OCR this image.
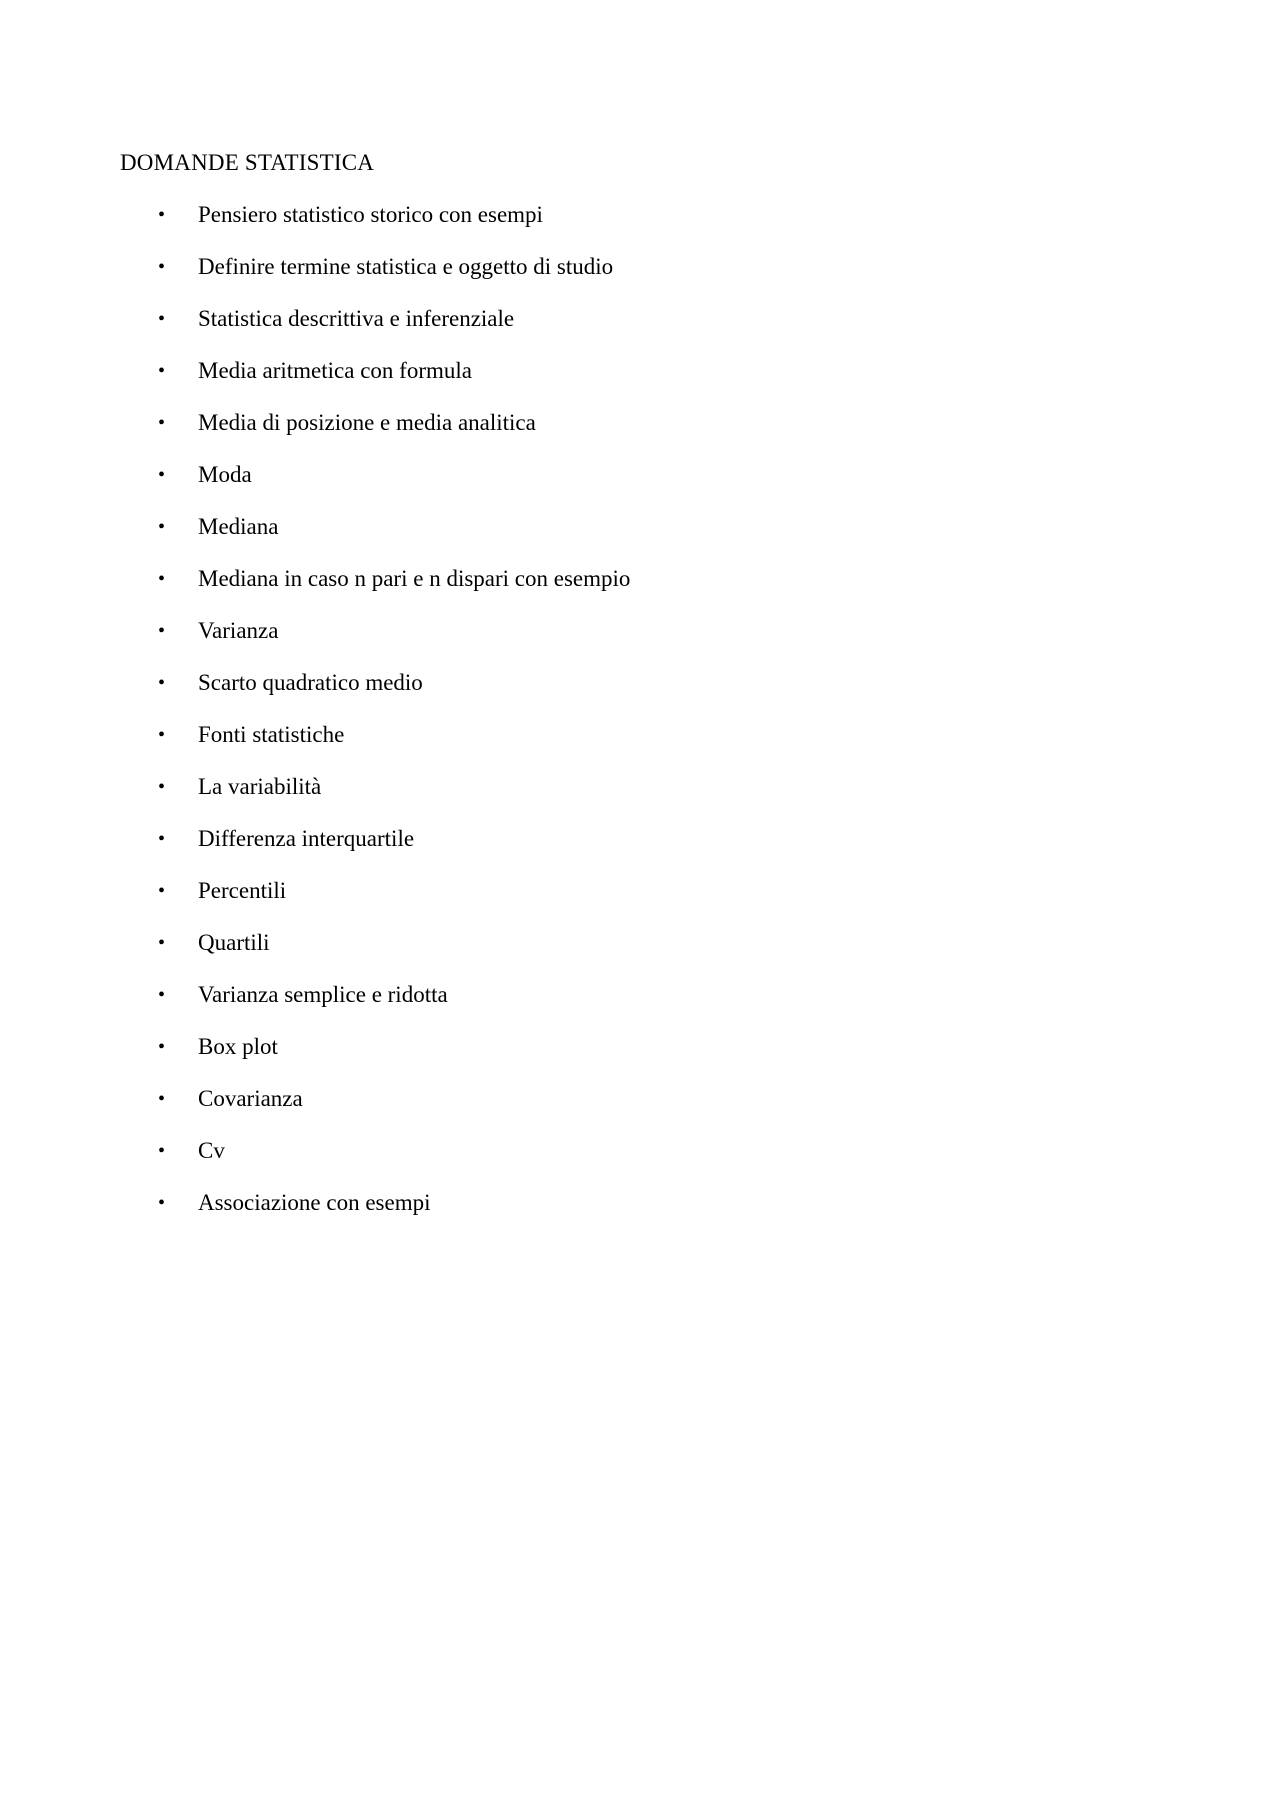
DOMANDE STATISTICA
• Pensiero statistico storico con esempi
• Definire termine statistica e oggetto di studio
• Statistica descrittiva e inferenziale
• Media aritmetica con formula
• Media di posizione e media analitica
• Moda
• Mediana
• Mediana in caso n pari e n dispari con esempio
• Varianza
• Scarto quadratico medio
• Fonti statistiche
• La variabilità
• Differenza interquartile
• Percentili
• Quartili
• Varianza semplice e ridotta
• Box plot
• Covarianza
• Cv
• Associazione con esempi
